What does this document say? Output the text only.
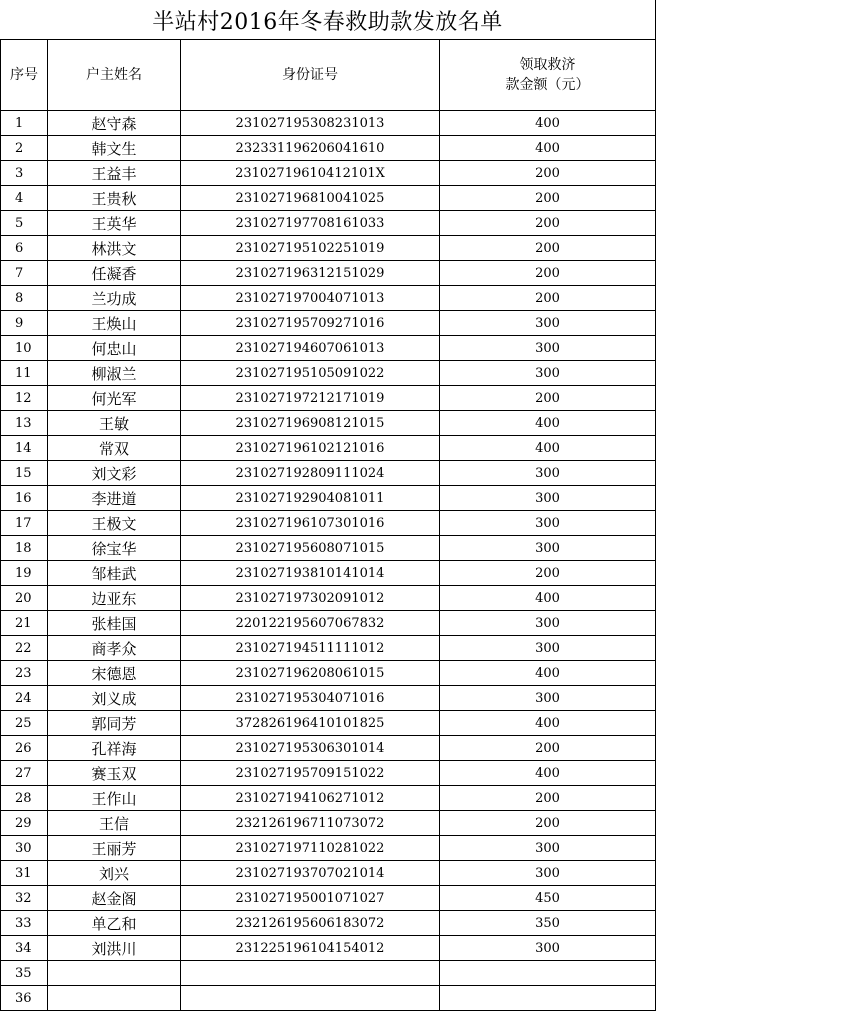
半站村2016年冬春救助款发放名单
序号	户主姓名	身份证号	领取救济
款金额（元）
1	赵守森	231027195308231013	400
2	韩文生	232331196206041610	400
3	王益丰	23102719610412101X	200
4	王贵秋	231027196810041025	200
5	王英华	231027197708161033	200
6	林洪文	231027195102251019	200
7	任凝香	231027196312151029	200
8	兰功成	231027197004071013	200
9	王焕山	231027195709271016	300
10	何忠山	231027194607061013	300
11	柳淑兰	231027195105091022	300
12	何光军	231027197212171019	200
13	王敏	231027196908121015	400
14	常双	231027196102121016	400
15	刘文彩	231027192809111024	300
16	李进道	231027192904081011	300
17	王极文	231027196107301016	300
18	徐宝华	231027195608071015	300
19	邹桂武	231027193810141014	200
20	边亚东	231027197302091012	400
21	张桂国	220122195607067832	300
22	商孝众	231027194511111012	300
23	宋德恩	231027196208061015	400
24	刘义成	231027195304071016	300
25	郭同芳	372826196410101825	400
26	孔祥海	231027195306301014	200
27	赛玉双	231027195709151022	400
28	王作山	231027194106271012	200
29	王信	232126196711073072	200
30	王丽芳	231027197110281022	300
31	刘兴	231027193707021014	300
32	赵金阁	231027195001071027	450
33	单乙和	232126195606183072	350
34	刘洪川	231225196104154012	300
35			
36			
